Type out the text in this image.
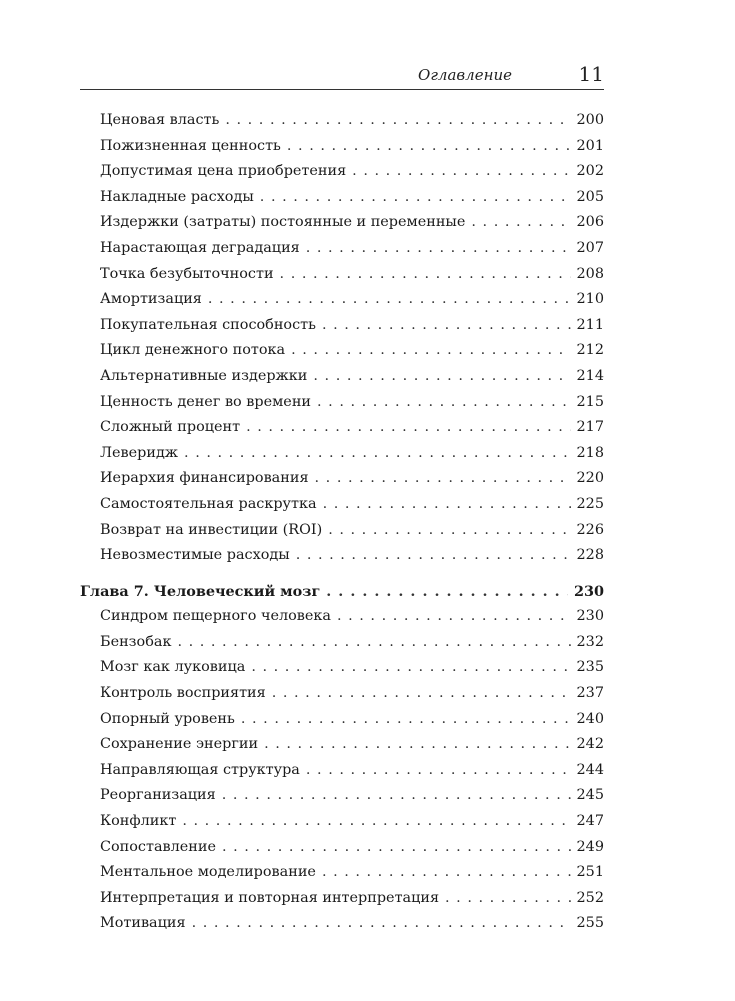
Оглавление	11
Ценовая власть . . .	200
Пожизненная ценность . . .	201
Допустимая цена приобретения . . .	202
Накладные расходы . . .	205
Издержки (затраты) постоянные и переменные . . .	206
Нарастающая деградация . . .	207
Точка безубыточности . . .	208
Амортизация . . .	210
Покупательная способность . . .	211
Цикл денежного потока . . .	212
Альтернативные издержки . . .	214
Ценность денег во времени . . .	215
Сложный процент . . .	217
Леверидж . . .	218
Иерархия финансирования . . .	220
Самостоятельная раскрутка . . .	225
Возврат на инвестиции (ROI) . . .	226
Невозместимые расходы . . .	228
Глава 7. Человеческий мозг . . .	230
Синдром пещерного человека . . .	230
Бензобак . . .	232
Мозг как луковица . . .	235
Контроль восприятия . . .	237
Опорный уровень . . .	240
Сохранение энергии . . .	242
Направляющая структура . . .	244
Реорганизация . . .	245
Конфликт . . .	247
Сопоставление . . .	249
Ментальное моделирование . . .	251
Интерпретация и повторная интерпретация . . .	252
Мотивация . . .	255
